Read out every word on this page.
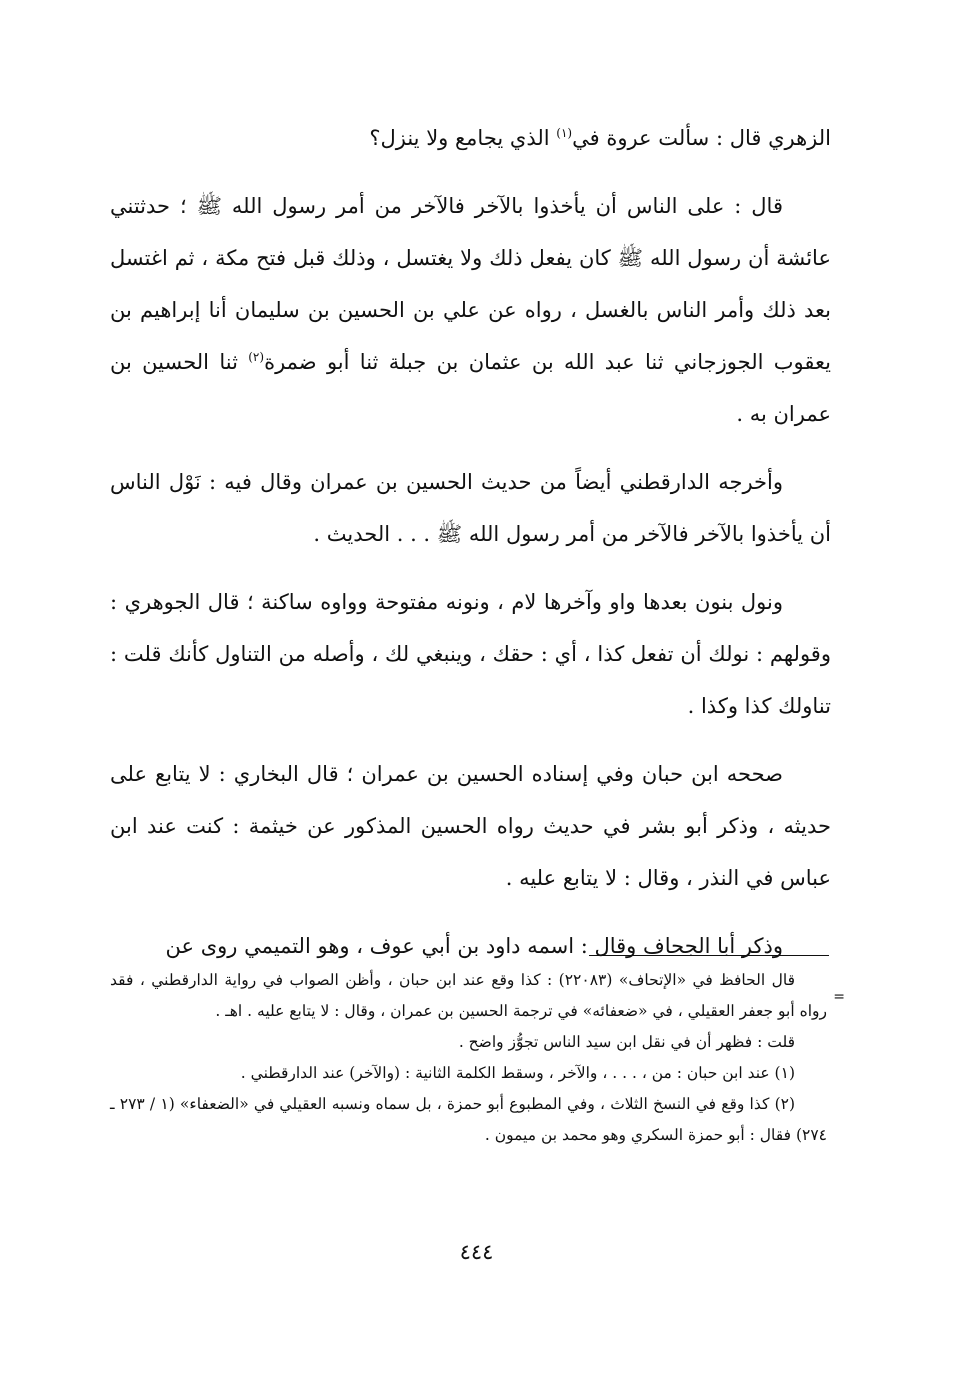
الزهري قال : سألت عروة في$^{(١)}$ الذي يجامع ولا ينزل؟

قال : على الناس أن يأخذوا بالآخر فالآخر من أمر رسول الله ﷺ ؛ حدثتني عائشة أن رسول الله ﷺ كان يفعل ذلك ولا يغتسل ، وذلك قبل فتح مكة ، ثم اغتسل بعد ذلك وأمر الناس بالغسل ، رواه عن علي بن الحسين بن سليمان أنا إبراهيم بن يعقوب الجوزجاني ثنا عبد الله بن عثمان بن جبلة ثنا أبو ضمرة$^{(٢)}$ ثنا الحسين بن عمران به .

وأخرجه الدارقطني أيضاً من حديث الحسين بن عمران وقال فيه : نَوْل الناس أن يأخذوا بالآخر فالآخر من أمر رسول الله ﷺ . . . الحديث .

ونول بنون بعدها واو وآخرها لام ، ونونه مفتوحة وواوه ساكنة ؛ قال الجوهري : وقولهم : نولك أن تفعل كذا ، أي : حقك ، وينبغي لك ، وأصله من التناول كأنك قلت : تناولك كذا وكذا .

صححه ابن حبان وفي إسناده الحسين بن عمران ؛ قال البخاري : لا يتابع على حديثه ، وذكر أبو بشر في حديث رواه الحسين المذكور عن خيثمة : كنت عند ابن عباس في النذر ، وقال : لا يتابع عليه .

وذكر أبا الجحاف وقال : اسمه داود بن أبي عوف ، وهو التميمي روى عن

=

قال الحافظ في «الإتحاف» (٢٢٠٨٣) : كذا وقع عند ابن حبان ، وأظن الصواب في رواية الدارقطني ، فقد رواه أبو جعفر العقيلي ، في «ضعفائه» في ترجمة الحسين بن عمران ، وقال : لا يتابع عليه . اهـ .

قلت : فظهر أن في نقل ابن سيد الناس تجوُّز واضح .

(١) عند ابن حبان : من ، . . . ، والآخر ، وسقط الكلمة الثانية : (والآخر) عند الدارقطني .

(٢) كذا وقع في النسخ الثلاث ، وفي المطبوع أبو حمزة ، بل سماه ونسبه العقيلي في «الضعفاء» (١ / ٢٧٣ ـ ٢٧٤) فقال : أبو حمزة السكري وهو محمد بن ميمون .

٤٤٤
